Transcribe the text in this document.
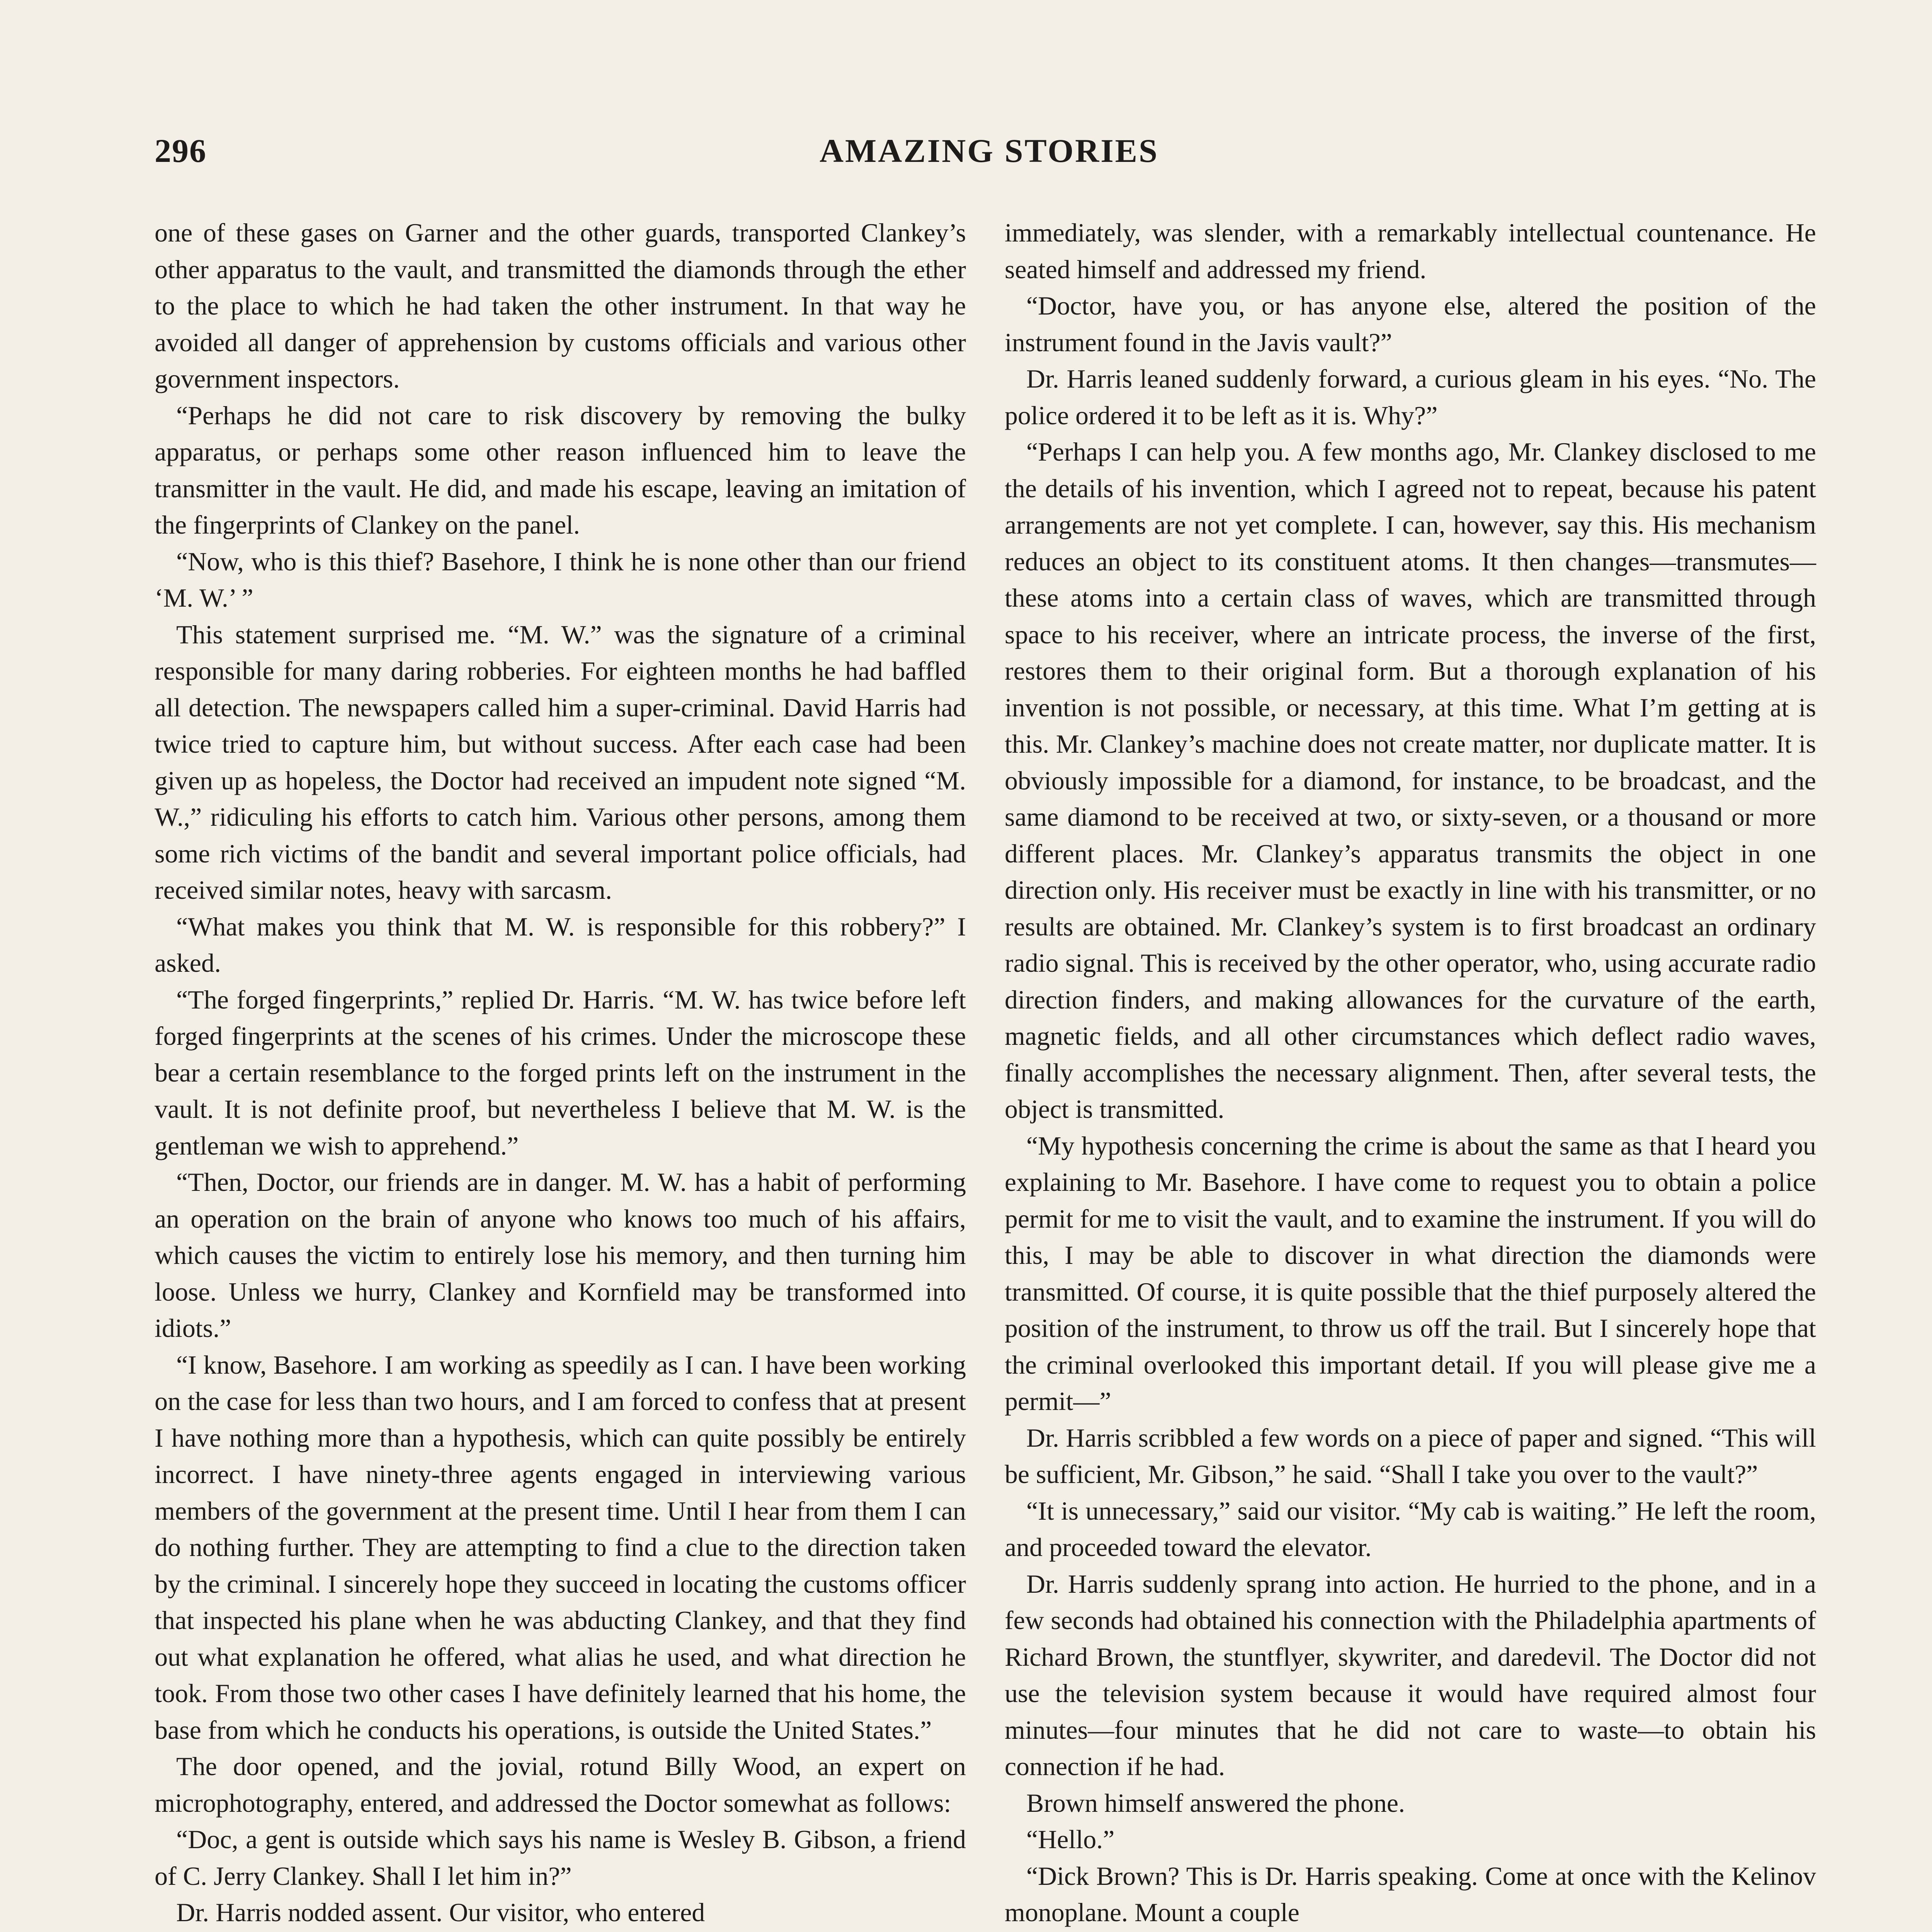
296	AMAZING STORIES

one of these gases on Garner and the other guards, transported Clankey’s other apparatus to the vault, and transmitted the diamonds through the ether to the place to which he had taken the other instrument. In that way he avoided all danger of apprehension by customs officials and various other government inspectors.

“Perhaps he did not care to risk discovery by removing the bulky apparatus, or perhaps some other reason influenced him to leave the transmitter in the vault. He did, and made his escape, leaving an imitation of the fingerprints of Clankey on the panel.

“Now, who is this thief? Basehore, I think he is none other than our friend ‘M. W.’ ”

This statement surprised me. “M. W.” was the signature of a criminal responsible for many daring robberies. For eighteen months he had baffled all detection. The newspapers called him a super-criminal. David Harris had twice tried to capture him, but without success. After each case had been given up as hopeless, the Doctor had received an impudent note signed “M. W.,” ridiculing his efforts to catch him. Various other persons, among them some rich victims of the bandit and several important police officials, had received similar notes, heavy with sarcasm.

“What makes you think that M. W. is responsible for this robbery?” I asked.

“The forged fingerprints,” replied Dr. Harris. “M. W. has twice before left forged fingerprints at the scenes of his crimes. Under the microscope these bear a certain resemblance to the forged prints left on the instrument in the vault. It is not definite proof, but nevertheless I believe that M. W. is the gentleman we wish to apprehend.”

“Then, Doctor, our friends are in danger. M. W. has a habit of performing an operation on the brain of anyone who knows too much of his affairs, which causes the victim to entirely lose his memory, and then turning him loose. Unless we hurry, Clankey and Kornfield may be transformed into idiots.”

“I know, Basehore. I am working as speedily as I can. I have been working on the case for less than two hours, and I am forced to confess that at present I have nothing more than a hypothesis, which can quite possibly be entirely incorrect. I have ninety-three agents engaged in interviewing various members of the government at the present time. Until I hear from them I can do nothing further. They are attempting to find a clue to the direction taken by the criminal. I sincerely hope they succeed in locating the customs officer that inspected his plane when he was abducting Clankey, and that they find out what explanation he offered, what alias he used, and what direction he took. From those two other cases I have definitely learned that his home, the base from which he conducts his operations, is outside the United States.”

The door opened, and the jovial, rotund Billy Wood, an expert on microphotography, entered, and addressed the Doctor somewhat as follows:

“Doc, a gent is outside which says his name is Wesley B. Gibson, a friend of C. Jerry Clankey. Shall I let him in?”

Dr. Harris nodded assent. Our visitor, who entered

immediately, was slender, with a remarkably intellectual countenance. He seated himself and addressed my friend.

“Doctor, have you, or has anyone else, altered the position of the instrument found in the Javis vault?”

Dr. Harris leaned suddenly forward, a curious gleam in his eyes. “No. The police ordered it to be left as it is. Why?”

“Perhaps I can help you. A few months ago, Mr. Clankey disclosed to me the details of his invention, which I agreed not to repeat, because his patent arrangements are not yet complete. I can, however, say this. His mechanism reduces an object to its constituent atoms. It then changes—transmutes—these atoms into a certain class of waves, which are transmitted through space to his receiver, where an intricate process, the inverse of the first, restores them to their original form. But a thorough explanation of his invention is not possible, or necessary, at this time. What I’m getting at is this. Mr. Clankey’s machine does not create matter, nor duplicate matter. It is obviously impossible for a diamond, for instance, to be broadcast, and the same diamond to be received at two, or sixty-seven, or a thousand or more different places. Mr. Clankey’s apparatus transmits the object in one direction only. His receiver must be exactly in line with his transmitter, or no results are obtained. Mr. Clankey’s system is to first broadcast an ordinary radio signal. This is received by the other operator, who, using accurate radio direction finders, and making allowances for the curvature of the earth, magnetic fields, and all other circumstances which deflect radio waves, finally accomplishes the necessary alignment. Then, after several tests, the object is transmitted.

“My hypothesis concerning the crime is about the same as that I heard you explaining to Mr. Basehore. I have come to request you to obtain a police permit for me to visit the vault, and to examine the instrument. If you will do this, I may be able to discover in what direction the diamonds were transmitted. Of course, it is quite possible that the thief purposely altered the position of the instrument, to throw us off the trail. But I sincerely hope that the criminal overlooked this important detail. If you will please give me a permit—”

Dr. Harris scribbled a few words on a piece of paper and signed. “This will be sufficient, Mr. Gibson,” he said. “Shall I take you over to the vault?”

“It is unnecessary,” said our visitor. “My cab is waiting.” He left the room, and proceeded toward the elevator.

Dr. Harris suddenly sprang into action. He hurried to the phone, and in a few seconds had obtained his connection with the Philadelphia apartments of Richard Brown, the stuntflyer, skywriter, and daredevil. The Doctor did not use the television system because it would have required almost four minutes—four minutes that he did not care to waste—to obtain his connection if he had.

Brown himself answered the phone.

“Hello.”

“Dick Brown? This is Dr. Harris speaking. Come at once with the Kelinov monoplane. Mount a couple
